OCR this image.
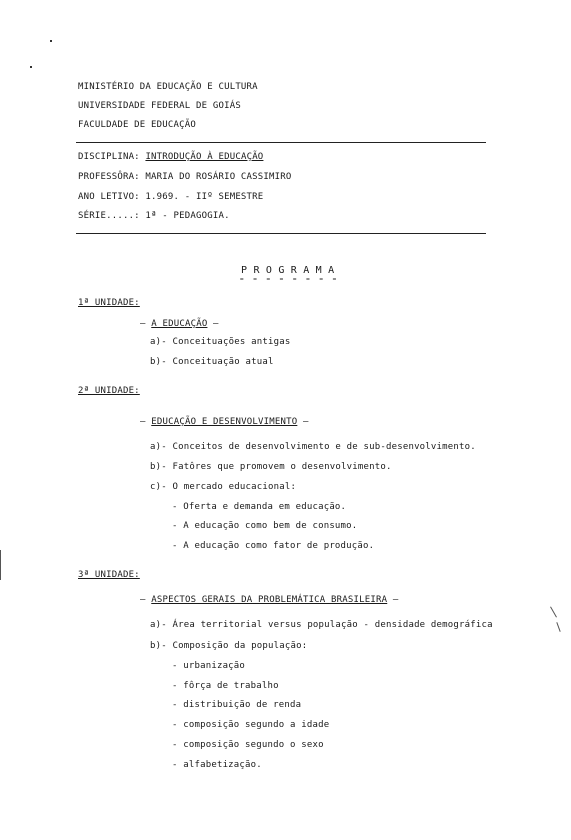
MINISTÉRIO DA EDUCAÇÃO E CULTURA
UNIVERSIDADE FEDERAL DE GOIÁS
FACULDADE DE EDUCAÇÃO
DISCIPLINA: INTRODUÇÃO À EDUCAÇÃO
PROFESSÔRA: MARIA DO ROSÁRIO CASSIMIRO
ANO LETIVO: 1.969. - IIº SEMESTRE
SÉRIE.....: 1ª - PEDAGOGIA.
P R O G R A M A
= = = = = = = =
1ª UNIDADE:
– A EDUCAÇÃO –
a)- Conceituações antigas
b)- Conceituação atual
2ª UNIDADE:
– EDUCAÇÃO E DESENVOLVIMENTO –
a)- Conceitos de desenvolvimento e de sub-desenvolvimento.
b)- Fatôres que promovem o desenvolvimento.
c)- O mercado educacional:
- Oferta e demanda em educação.
- A educação como bem de consumo.
- A educação como fator de produção.
3ª UNIDADE:
– ASPECTOS GERAIS DA PROBLEMÁTICA BRASILEIRA –
a)- Área territorial versus população - densidade demográfica
b)- Composição da população:
- urbanização
- fôrça de trabalho
- distribuição de renda
- composição segundo a idade
- composição segundo o sexo
- alfabetização.
